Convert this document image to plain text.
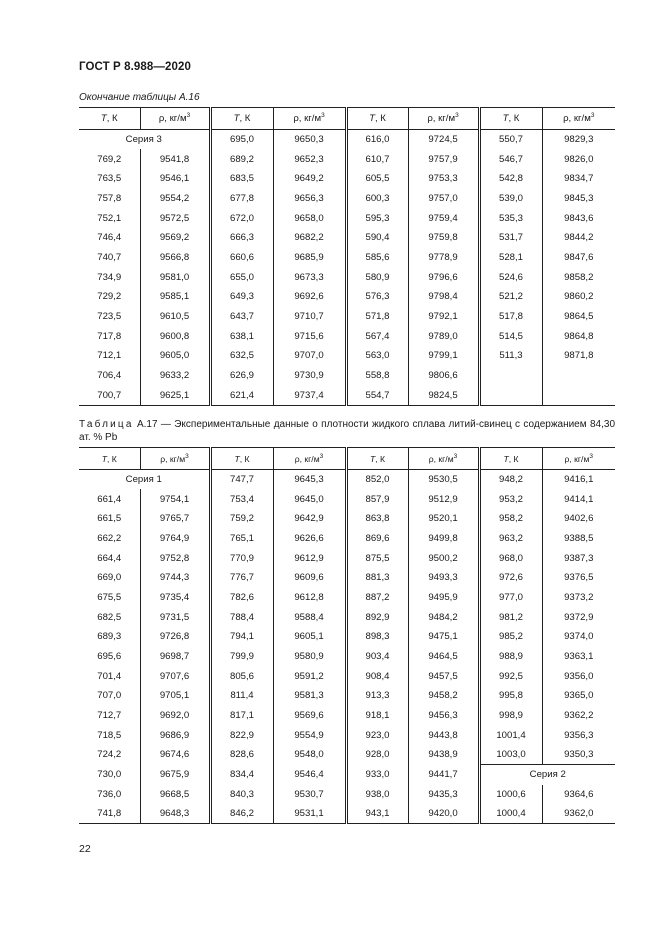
ГОСТ Р 8.988—2020
Окончание таблицы А.16
T, К	ρ, $кг/м^3$	T, К	ρ, $кг/м^3$	T, К	ρ, $кг/м^3$	T, К	ρ, $кг/м^3$
Серия 3		695,0	9650,3	616,0	9724,5	550,7	9829,3
769,2	9541,8	689,2	9652,3	610,7	9757,9	546,7	9826,0
763,5	9546,1	683,5	9649,2	605,5	9753,3	542,8	9834,7
757,8	9554,2	677,8	9656,3	600,3	9757,0	539,0	9845,3
752,1	9572,5	672,0	9658,0	595,3	9759,4	535,3	9843,6
746,4	9569,2	666,3	9682,2	590,4	9759,8	531,7	9844,2
740,7	9566,8	660,6	9685,9	585,6	9778,9	528,1	9847,6
734,9	9581,0	655,0	9673,3	580,9	9796,6	524,6	9858,2
729,2	9585,1	649,3	9692,6	576,3	9798,4	521,2	9860,2
723,5	9610,5	643,7	9710,7	571,8	9792,1	517,8	9864,5
717,8	9600,8	638,1	9715,6	567,4	9789,0	514,5	9864,8
712,1	9605,0	632,5	9707,0	563,0	9799,1	511,3	9871,8
706,4	9633,2	626,9	9730,9	558,8	9806,6		
700,7	9625,1	621,4	9737,4	554,7	9824,5		
Таблица А.17 — Экспериментальные данные о плотности жидкого сплава литий-свинец с содержанием 84,30 ат. % Pb
T, К	ρ, $кг/м^3$	T, К	ρ, $кг/м^3$	T, К	ρ, $кг/м^3$	T, К	ρ, $кг/м^3$
Серия 1		747,7	9645,3	852,0	9530,5	948,2	9416,1
661,4	9754,1	753,4	9645,0	857,9	9512,9	953,2	9414,1
661,5	9765,7	759,2	9642,9	863,8	9520,1	958,2	9402,6
662,2	9764,9	765,1	9626,6	869,6	9499,8	963,2	9388,5
664,4	9752,8	770,9	9612,9	875,5	9500,2	968,0	9387,3
669,0	9744,3	776,7	9609,6	881,3	9493,3	972,6	9376,5
675,5	9735,4	782,6	9612,8	887,2	9495,9	977,0	9373,2
682,5	9731,5	788,4	9588,4	892,9	9484,2	981,2	9372,9
689,3	9726,8	794,1	9605,1	898,3	9475,1	985,2	9374,0
695,6	9698,7	799,9	9580,9	903,4	9464,5	988,9	9363,1
701,4	9707,6	805,6	9591,2	908,4	9457,5	992,5	9356,0
707,0	9705,1	811,4	9581,3	913,3	9458,2	995,8	9365,0
712,7	9692,0	817,1	9569,6	918,1	9456,3	998,9	9362,2
718,5	9686,9	822,9	9554,9	923,0	9443,8	1001,4	9356,3
724,2	9674,6	828,6	9548,0	928,0	9438,9	1003,0	9350,3
730,0	9675,9	834,4	9546,4	933,0	9441,7	Серия 2	
736,0	9668,5	840,3	9530,7	938,0	9435,3	1000,6	9364,6
741,8	9648,3	846,2	9531,1	943,1	9420,0	1000,4	9362,0
22
